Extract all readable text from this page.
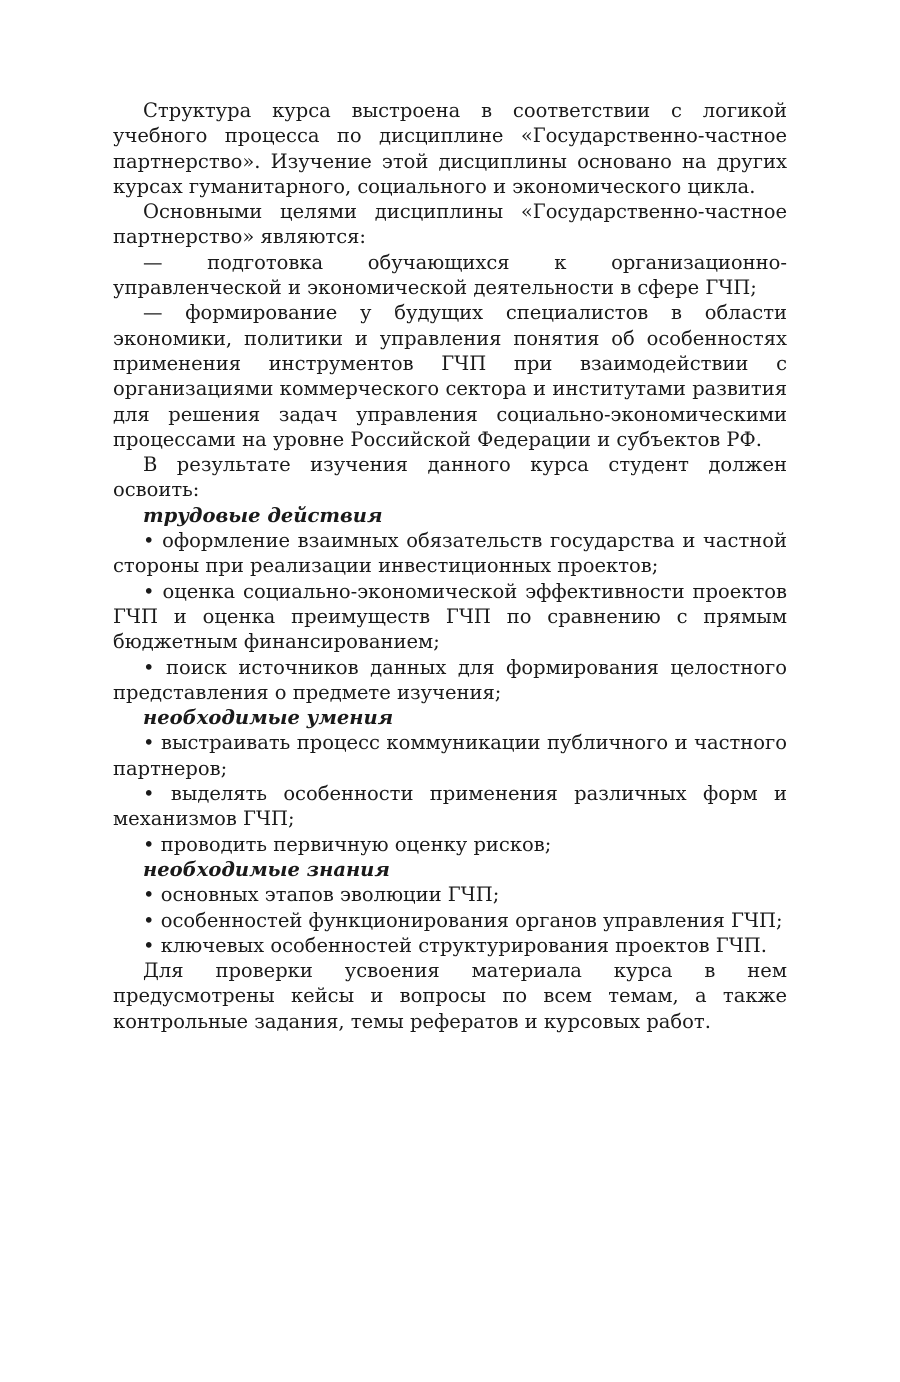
Структура курса выстроена в соответствии с логикой учебного процесса по дисциплине «Государственно-частное партнерство». Изучение этой дисциплины основано на других курсах гуманитарного, социального и экономического цикла.

Основными целями дисциплины «Государственно-частное партнерство» являются:

— подготовка обучающихся к организационно-управленческой и экономической деятельности в сфере ГЧП;

— формирование у будущих специалистов в области экономики, политики и управления понятия об особенностях применения инструментов ГЧП при взаимодействии с организациями коммерческого сектора и институтами развития для решения задач управления социально-экономическими процессами на уровне Российской Федерации и субъектов РФ.

В результате изучения данного курса студент должен освоить:

трудовые действия

• оформление взаимных обязательств государства и частной стороны при реализации инвестиционных проектов;

• оценка социально-экономической эффективности проектов ГЧП и оценка преимуществ ГЧП по сравнению с прямым бюджетным финансированием;

• поиск источников данных для формирования целостного представления о предмете изучения;

необходимые умения

• выстраивать процесс коммуникации публичного и частного партнеров;

• выделять особенности применения различных форм и механизмов ГЧП;

• проводить первичную оценку рисков;

необходимые знания

• основных этапов эволюции ГЧП;

• особенностей функционирования органов управления ГЧП;

• ключевых особенностей структурирования проектов ГЧП.

Для проверки усвоения материала курса в нем предусмотрены кейсы и вопросы по всем темам, а также контрольные задания, темы рефератов и курсовых работ.
